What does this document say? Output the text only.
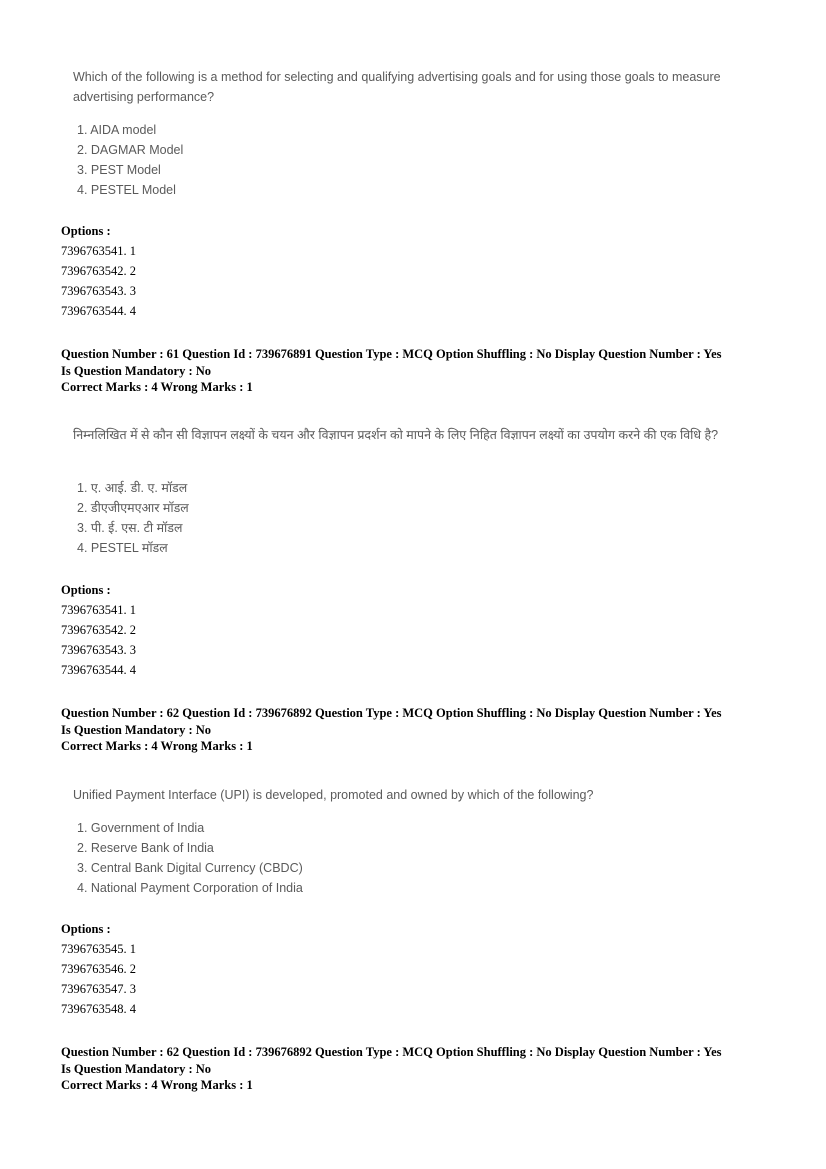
Which of the following is a method for selecting and qualifying advertising goals and for using those goals to measure advertising performance?

1. AIDA model
2. DAGMAR Model
3. PEST Model
4. PESTEL Model
Options :
7396763541. 1
7396763542. 2
7396763543. 3
7396763544. 4
Question Number : 61 Question Id : 739676891 Question Type : MCQ Option Shuffling : No Display Question Number : Yes
Is Question Mandatory : No
Correct Marks : 4 Wrong Marks : 1

निम्नलिखित में से कौन सी विज्ञापन लक्ष्यों के चयन और विज्ञापन प्रदर्शन को मापने के लिए निहित विज्ञापन लक्ष्यों का उपयोग करने की एक विधि है?

1. ए. आई. डी. ए. मॉडल
2. डीएजीएमएआर मॉडल
3. पी. ई. एस. टी मॉडल
4. PESTEL मॉडल
Options :
7396763541. 1
7396763542. 2
7396763543. 3
7396763544. 4
Question Number : 62 Question Id : 739676892 Question Type : MCQ Option Shuffling : No Display Question Number : Yes
Is Question Mandatory : No
Correct Marks : 4 Wrong Marks : 1

Unified Payment Interface (UPI) is developed, promoted and owned by which of the following?

1. Government of India
2. Reserve Bank of India
3. Central Bank Digital Currency (CBDC)
4. National Payment Corporation of India
Options :
7396763545. 1
7396763546. 2
7396763547. 3
7396763548. 4
Question Number : 62 Question Id : 739676892 Question Type : MCQ Option Shuffling : No Display Question Number : Yes
Is Question Mandatory : No
Correct Marks : 4 Wrong Marks : 1
